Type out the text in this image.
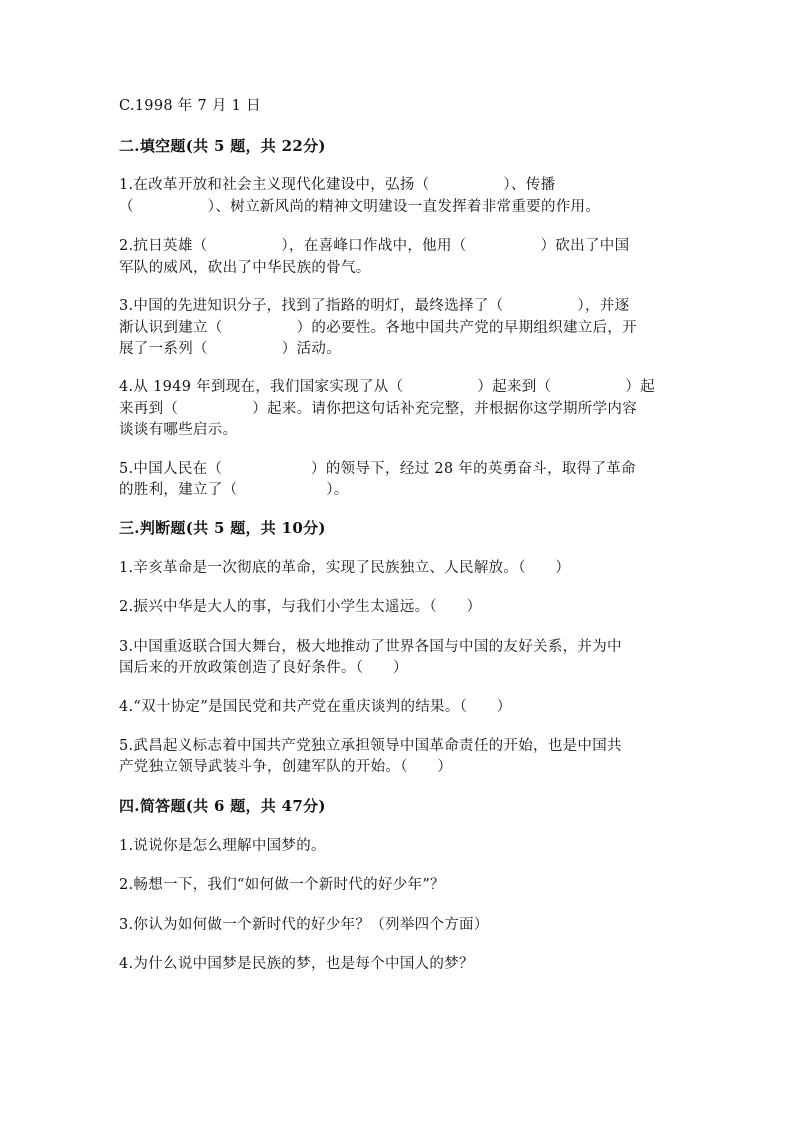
C.1998 年 7 月 1 日
二.填空题(共 5 题，共 22分)
1.在改革开放和社会主义现代化建设中，弘扬（　　　　　）、传播
（　　　　　）、树立新风尚的精神文明建设一直发挥着非常重要的作用。
2.抗日英雄（　　　　　），在喜峰口作战中，他用（　　　　　）砍出了中国
军队的威风，砍出了中华民族的骨气。
3.中国的先进知识分子，找到了指路的明灯，最终选择了（　　　　　），并逐
渐认识到建立（　　　　　）的必要性。各地中国共产党的早期组织建立后，开
展了一系列（　　　　　）活动。
4.从 1949 年到现在，我们国家实现了从（　　　　　）起来到（　　　　　）起
来再到（　　　　　）起来。请你把这句话补充完整，并根据你这学期所学内容
谈谈有哪些启示。
5.中国人民在（　　　　　　）的领导下，经过 28 年的英勇奋斗，取得了革命
的胜利，建立了（　　　　　　）。
三.判断题(共 5 题，共 10分)
1.辛亥革命是一次彻底的革命，实现了民族独立、人民解放。（　　）
2.振兴中华是大人的事，与我们小学生太遥远。（　　）
3.中国重返联合国大舞台，极大地推动了世界各国与中国的友好关系，并为中
国后来的开放政策创造了良好条件。（　　）
4.“双十协定”是国民党和共产党在重庆谈判的结果。（　　）
5.武昌起义标志着中国共产党独立承担领导中国革命责任的开始，也是中国共
产党独立领导武装斗争，创建军队的开始。（　　）
四.简答题(共 6 题，共 47分)
1.说说你是怎么理解中国梦的。
2.畅想一下，我们“如何做一个新时代的好少年”？
3.你认为如何做一个新时代的好少年？（列举四个方面）
4.为什么说中国梦是民族的梦，也是每个中国人的梦？
